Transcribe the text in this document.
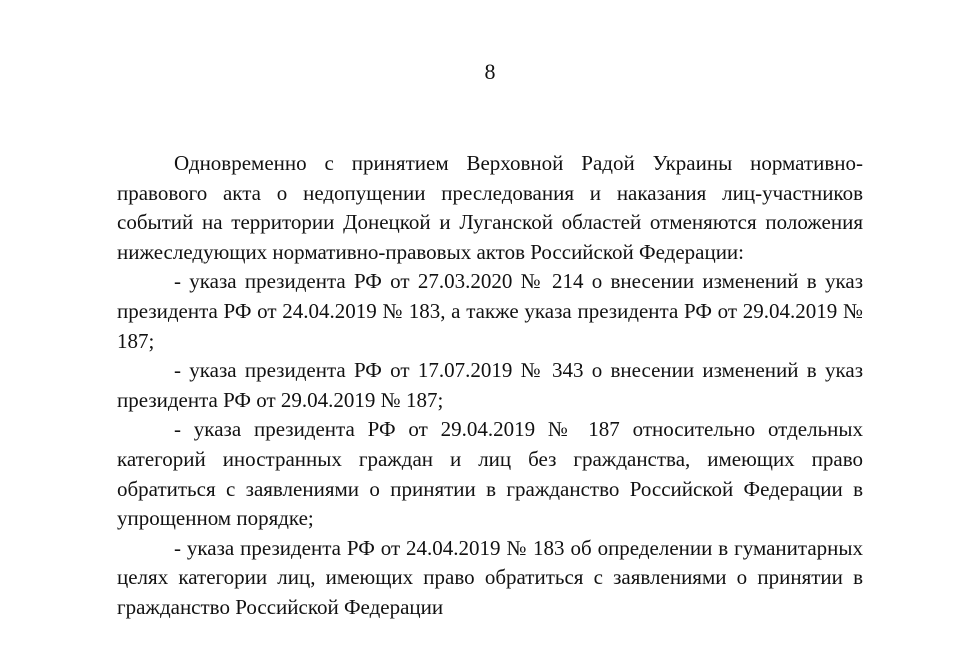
8

Одновременно с принятием Верховной Радой Украины нормативно-правового акта о недопущении преследования и наказания лиц-участников событий на территории Донецкой и Луганской областей отменяются положения нижеследующих нормативно-правовых актов Российской Федерации:

- указа президента РФ от 27.03.2020 № 214 о внесении изменений в указ президента РФ от 24.04.2019 № 183, а также указа президента РФ от 29.04.2019 № 187;

- указа президента РФ от 17.07.2019 № 343 о внесении изменений в указ президента РФ от 29.04.2019 № 187;

- указа президента РФ от 29.04.2019 № 187 относительно отдельных категорий иностранных граждан и лиц без гражданства, имеющих право обратиться с заявлениями о принятии в гражданство Российской Федерации в упрощенном порядке;

- указа президента РФ от 24.04.2019 № 183 об определении в гуманитарных целях категории лиц, имеющих право обратиться с заявлениями о принятии в гражданство Российской Федерации
